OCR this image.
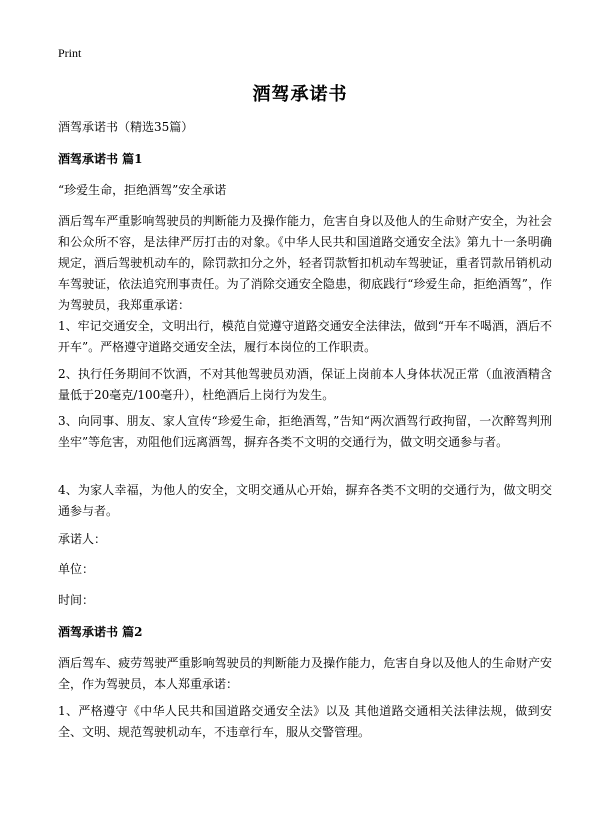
Print
酒驾承诺书
酒驾承诺书（精选35篇）
酒驾承诺书 篇1
“珍爱生命，拒绝酒驾”安全承诺
酒后驾车严重影响驾驶员的判断能力及操作能力，危害自身以及他人的生命财产安全，为社会和公众所不容，是法律严厉打击的对象。《中华人民共和国道路交通安全法》第九十一条明确规定，酒后驾驶机动车的，除罚款扣分之外，轻者罚款暂扣机动车驾驶证，重者罚款吊销机动车驾驶证，依法追究刑事责任。为了消除交通安全隐患，彻底践行“珍爱生命，拒绝酒驾”，作为驾驶员，我郑重承诺：
1、牢记交通安全，文明出行，模范自觉遵守道路交通安全法律法，做到“开车不喝酒，酒后不开车”。严格遵守道路交通安全法，履行本岗位的工作职责。
2、执行任务期间不饮酒，不对其他驾驶员劝酒，保证上岗前本人身体状况正常（血液酒精含量低于20毫克/100毫升），杜绝酒后上岗行为发生。
3、向同事、朋友、家人宣传“珍爱生命，拒绝酒驾，”告知“两次酒驾行政拘留，一次醉驾判刑坐牢”等危害，劝阻他们远离酒驾，摒弃各类不文明的交通行为，做文明交通参与者。
4、为家人幸福，为他人的安全，文明交通从心开始，摒弃各类不文明的交通行为，做文明交通参与者。
承诺人：
单位：
时间：
酒驾承诺书 篇2
酒后驾车、疲劳驾驶严重影响驾驶员的判断能力及操作能力，危害自身以及他人的生命财产安全，作为驾驶员，本人郑重承诺：
1、严格遵守《中华人民共和国道路交通安全法》以及 其他道路交通相关法律法规，做到安全、文明、规范驾驶机动车，不违章行车，服从交警管理。
